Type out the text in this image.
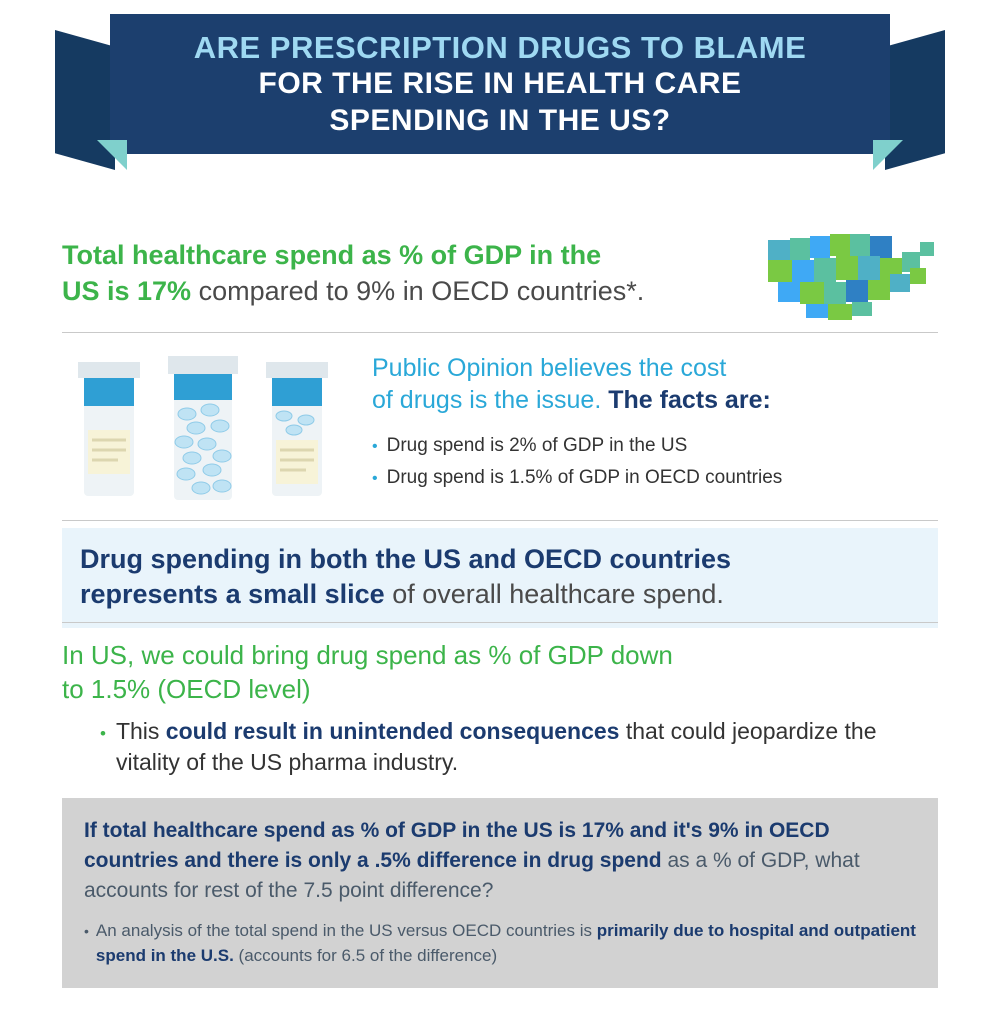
ARE PRESCRIPTION DRUGS TO BLAME
FOR THE RISE IN HEALTH CARE
SPENDING IN THE US?
Total healthcare spend as % of GDP in the
US is 17% compared to 9% in OECD countries*.
Public Opinion believes the cost
of drugs is the issue. The facts are:
• Drug spend is 2% of GDP in the US
• Drug spend is 1.5% of GDP in OECD countries
Drug spending in both the US and OECD countries
represents a small slice of overall healthcare spend.
In US, we could bring drug spend as % of GDP down
to 1.5% (OECD level)
• This could result in unintended consequences that could jeopardize the vitality of the US pharma industry.
If total healthcare spend as % of GDP in the US is 17% and it's 9% in OECD countries and there is only a .5% difference in drug spend as a % of GDP, what accounts for rest of the 7.5 point difference?
• An analysis of the total spend in the US versus OECD countries is primarily due to hospital and outpatient spend in the U.S. (accounts for 6.5 of the difference)
